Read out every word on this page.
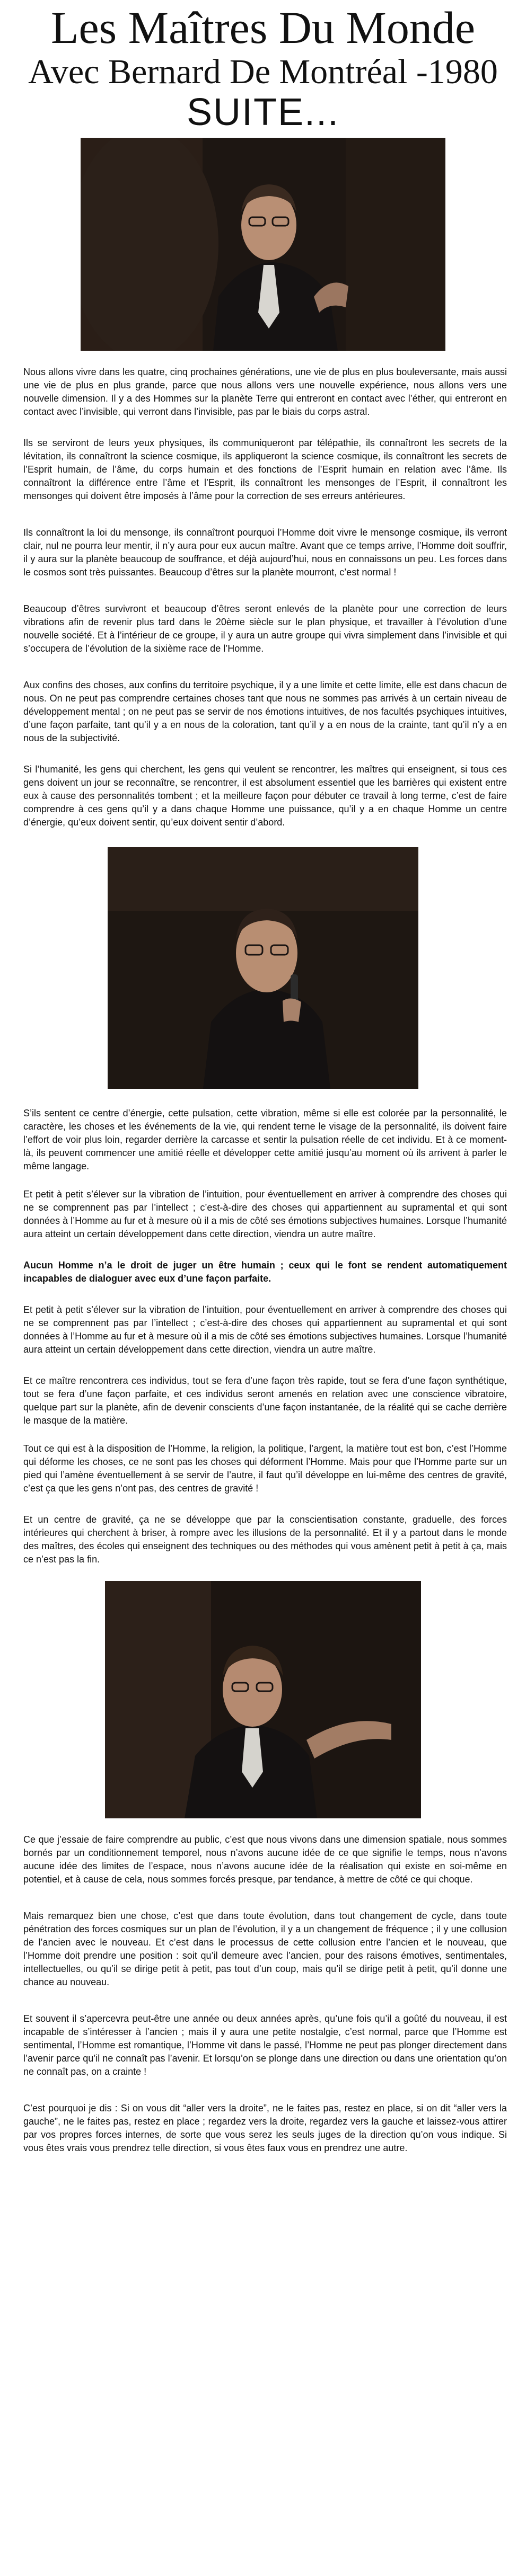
Les Maîtres Du Monde
Avec Bernard De Montréal -1980
SUITE...

Nous allons vivre dans les quatre, cinq prochaines générations, une vie de plus en plus bouleversante, mais aussi une vie de plus en plus grande, parce que nous allons vers une nouvelle expérience, nous allons vers une nouvelle dimension. Il y a des Hommes sur la planète Terre qui entreront en contact avec l’éther, qui entreront en contact avec l’invisible, qui verront dans l’invisible, pas par le biais du corps astral.

Ils se serviront de leurs yeux physiques, ils communiqueront par télépathie, ils connaîtront les secrets de la lévitation, ils connaîtront la science cosmique, ils appliqueront la science cosmique, ils connaîtront les secrets de l’Esprit humain, de l’âme, du corps humain et des fonctions de l’Esprit humain en relation avec l’âme. Ils connaîtront la différence entre l’âme et l’Esprit, ils connaîtront les mensonges de l’Esprit, il connaîtront les mensonges qui doivent être imposés à l’âme pour la correction de ses erreurs antérieures.

Ils connaîtront la loi du mensonge, ils connaîtront pourquoi l’Homme doit vivre le mensonge cosmique, ils verront clair, nul ne pourra leur mentir, il n’y aura pour eux aucun maître. Avant que ce temps arrive, l’Homme doit souffrir, il y aura sur la planète beaucoup de souffrance, et déjà aujourd’hui, nous en connaissons un peu. Les forces dans le cosmos sont très puissantes. Beaucoup d’êtres sur la planète mourront, c’est normal !

Beaucoup d’êtres survivront et beaucoup d’êtres seront enlevés de la planète pour une correction de leurs vibrations afin de revenir plus tard dans le 20ème siècle sur le plan physique, et travailler à l’évolution d’une nouvelle société. Et à l’intérieur de ce groupe, il y aura un autre groupe qui vivra simplement dans l’invisible et qui s’occupera de l’évolution de la sixième race de l’Homme.

Aux confins des choses, aux confins du territoire psychique, il y a une limite et cette limite, elle est dans chacun de nous. On ne peut pas comprendre certaines choses tant que nous ne sommes pas arrivés à un certain niveau de développement mental ; on ne peut pas se servir de nos émotions intuitives, de nos facultés psychiques intuitives, d’une façon parfaite, tant qu’il y a en nous de la coloration, tant qu’il y a en nous de la crainte, tant qu’il n’y a en nous de la subjectivité.

Si l’humanité, les gens qui cherchent, les gens qui veulent se rencontrer, les maîtres qui enseignent, si tous ces gens doivent un jour se reconnaître, se rencontrer, il est absolument essentiel que les barrières qui existent entre eux à cause des personnalités tombent ; et la meilleure façon pour débuter ce travail à long terme, c’est de faire comprendre à ces gens qu’il y a dans chaque Homme une puissance, qu’il y a en chaque Homme un centre d’énergie, qu’eux doivent sentir, qu’eux doivent sentir d’abord.

S’ils sentent ce centre d’énergie, cette pulsation, cette vibration, même si elle est colorée par la personnalité, le caractère, les choses et les événements de la vie, qui rendent terne le visage de la personnalité, ils doivent faire l’effort de voir plus loin, regarder derrière la carcasse et sentir la pulsation réelle de cet individu. Et à ce moment-là, ils peuvent commencer une amitié réelle et développer cette amitié jusqu’au moment où ils arrivent à parler le même langage.

Et petit à petit s’élever sur la vibration de l’intuition, pour éventuellement en arriver à comprendre des choses qui ne se comprennent pas par l’intellect ; c’est-à-dire des choses qui appartiennent au supramental et qui sont données à l’Homme au fur et à mesure où il a mis de côté ses émotions subjectives humaines. Lorsque l’humanité aura atteint un certain développement dans cette direction, viendra un autre maître.

Aucun Homme n’a le droit de juger un être humain ; ceux qui le font se rendent automatiquement incapables de dialoguer avec eux d’une façon parfaite.

Et petit à petit s’élever sur la vibration de l’intuition, pour éventuellement en arriver à comprendre des choses qui ne se comprennent pas par l’intellect ; c’est-à-dire des choses qui appartiennent au supramental et qui sont données à l’Homme au fur et à mesure où il a mis de côté ses émotions subjectives humaines. Lorsque l’humanité aura atteint un certain développement dans cette direction, viendra un autre maître.

Et ce maître rencontrera ces individus, tout se fera d’une façon très rapide, tout se fera d’une façon synthétique, tout se fera d’une façon parfaite, et ces individus seront amenés en relation avec une conscience vibratoire, quelque part sur la planète, afin de devenir conscients d’une façon instantanée, de la réalité qui se cache derrière le masque de la matière.

Tout ce qui est à la disposition de l’Homme, la religion, la politique, l’argent, la matière tout est bon, c’est l’Homme qui déforme les choses, ce ne sont pas les choses qui déforment l’Homme. Mais pour que l’Homme parte sur un pied qui l’amène éventuellement à se servir de l’autre, il faut qu’il développe en lui-même des centres de gravité, c’est ça que les gens n’ont pas, des centres de gravité !

Et un centre de gravité, ça ne se développe que par la conscientisation constante, graduelle, des forces intérieures qui cherchent à briser, à rompre avec les illusions de la personnalité. Et il y a partout dans le monde des maîtres, des écoles qui enseignent des techniques ou des méthodes qui vous amènent petit à petit à ça, mais ce n’est pas la fin.

Ce que j’essaie de faire comprendre au public, c’est que nous vivons dans une dimension spatiale, nous sommes bornés par un conditionnement temporel, nous n’avons aucune idée de ce que signifie le temps, nous n’avons aucune idée des limites de l’espace, nous n’avons aucune idée de la réalisation qui existe en soi-même en potentiel, et à cause de cela, nous sommes forcés presque, par tendance, à mettre de côté ce qui choque.

Mais remarquez bien une chose, c’est que dans toute évolution, dans tout changement de cycle, dans toute pénétration des forces cosmiques sur un plan de l’évolution, il y a un changement de fréquence ; il y une collusion de l’ancien avec le nouveau. Et c’est dans le processus de cette collusion entre l’ancien et le nouveau, que l’Homme doit prendre une position : soit qu’il demeure avec l’ancien, pour des raisons émotives, sentimentales, intellectuelles, ou qu’il se dirige petit à petit, pas tout d’un coup, mais qu’il se dirige petit à petit, qu’il donne une chance au nouveau.

Et souvent il s’apercevra peut-être une année ou deux années après, qu’une fois qu’il a goûté du nouveau, il est incapable de s’intéresser à l’ancien ; mais il y aura une petite nostalgie, c’est normal, parce que l’Homme est sentimental, l’Homme est romantique, l’Homme vit dans le passé, l’Homme ne peut pas plonger directement dans l’avenir parce qu’il ne connaît pas l’avenir. Et lorsqu’on se plonge dans une direction ou dans une orientation qu’on ne connaît pas, on a crainte !

C’est pourquoi je dis : Si on vous dit “aller vers la droite”, ne le faites pas, restez en place, si on dit “aller vers la gauche”, ne le faites pas, restez en place ; regardez vers la droite, regardez vers la gauche et laissez-vous attirer par vos propres forces internes, de sorte que vous serez les seuls juges de la direction qu’on vous indique. Si vous êtes vrais vous prendrez telle direction, si vous êtes faux vous en prendrez une autre.
